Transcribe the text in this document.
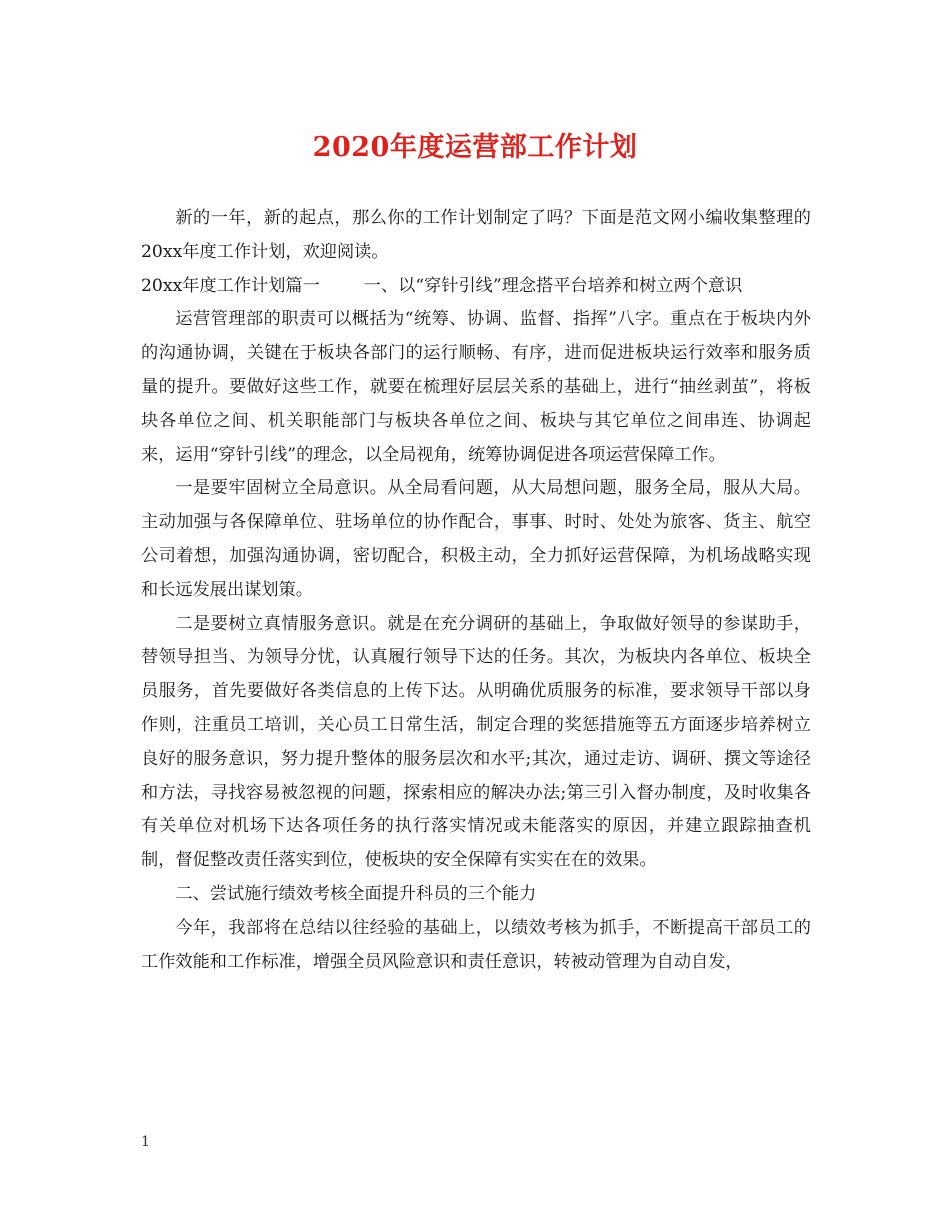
2020年度运营部工作计划

新的一年，新的起点，那么你的工作计划制定了吗？下面是范文网小编收集整理的20xx年度工作计划，欢迎阅读。

20xx年度工作计划篇一	一、以“穿针引线”理念搭平台培养和树立两个意识

运营管理部的职责可以概括为“统筹、协调、监督、指挥”八字。重点在于板块内外的沟通协调，关键在于板块各部门的运行顺畅、有序，进而促进板块运行效率和服务质量的提升。要做好这些工作，就要在梳理好层层关系的基础上，进行“抽丝剥茧”，将板块各单位之间、机关职能部门与板块各单位之间、板块与其它单位之间串连、协调起来，运用“穿针引线”的理念，以全局视角，统筹协调促进各项运营保障工作。

一是要牢固树立全局意识。从全局看问题，从大局想问题，服务全局，服从大局。主动加强与各保障单位、驻场单位的协作配合，事事、时时、处处为旅客、货主、航空公司着想，加强沟通协调，密切配合，积极主动，全力抓好运营保障，为机场战略实现和长远发展出谋划策。

二是要树立真情服务意识。就是在充分调研的基础上，争取做好领导的参谋助手，替领导担当、为领导分忧，认真履行领导下达的任务。其次，为板块内各单位、板块全员服务，首先要做好各类信息的上传下达。从明确优质服务的标准，要求领导干部以身作则，注重员工培训，关心员工日常生活，制定合理的奖惩措施等五方面逐步培养树立良好的服务意识，努力提升整体的服务层次和水平;其次，通过走访、调研、撰文等途径和方法，寻找容易被忽视的问题，探索相应的解决办法;第三引入督办制度，及时收集各有关单位对机场下达各项任务的执行落实情况或未能落实的原因，并建立跟踪抽查机制，督促整改责任落实到位，使板块的安全保障有实实在在的效果。

二、尝试施行绩效考核全面提升科员的三个能力

今年，我部将在总结以往经验的基础上，以绩效考核为抓手，不断提高干部员工的工作效能和工作标准，增强全员风险意识和责任意识，转被动管理为自动自发，

1
